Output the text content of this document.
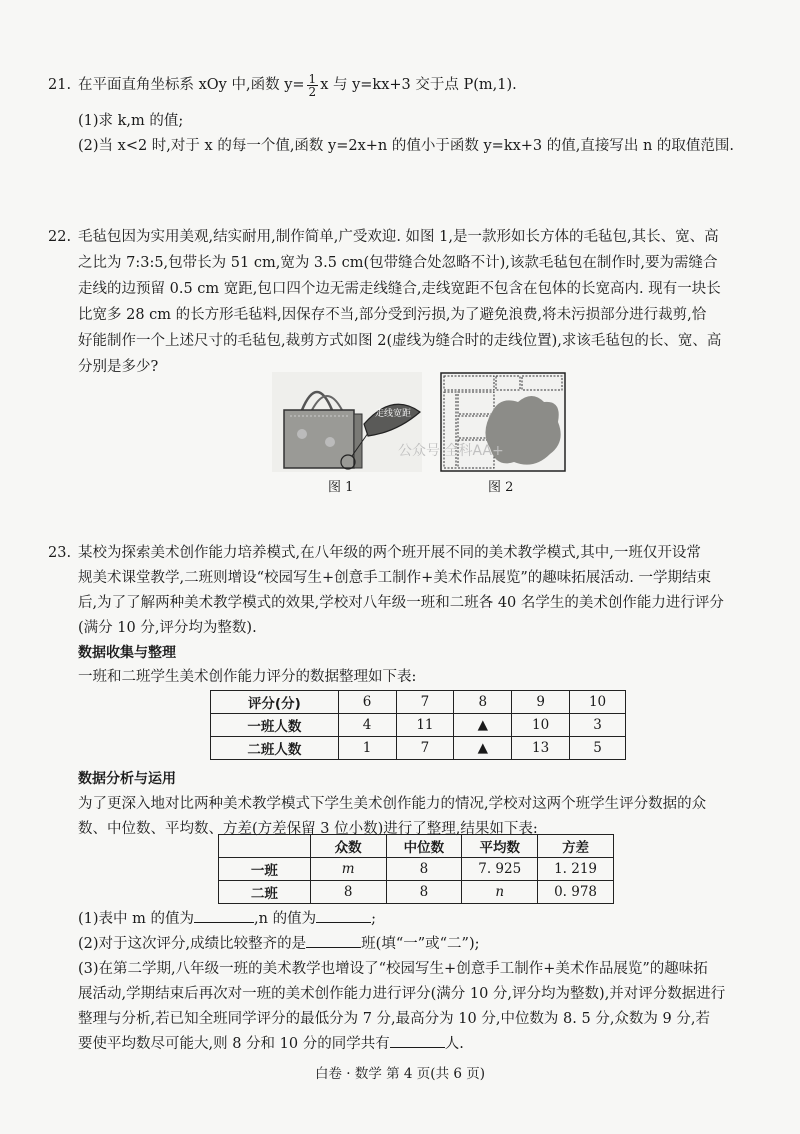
21. 在平面直角坐标系 xOy 中,函数 $y= \frac{1}{2}$ x 与 y=kx+3 交于点 P(m,1).
(1)求 k,m 的值;
(2)当 x<2 时,对于 x 的每一个值,函数 y=2x+n 的值小于函数 y=kx+3 的值,直接写出 n 的取值范围.
22. 毛毡包因为实用美观,结实耐用,制作简单,广受欢迎. 如图 1,是一款形如长方体的毛毡包,其长、宽、高
之比为 7:3:5,包带长为 51 cm,宽为 3.5 cm(包带缝合处忽略不计),该款毛毡包在制作时,要为需缝合
走线的边预留 0.5 cm 宽距,包口四个边无需走线缝合,走线宽距不包含在包体的长宽高内. 现有一块长
比宽多 28 cm 的长方形毛毡料,因保存不当,部分受到污损,为了避免浪费,将未污损部分进行裁剪,恰
好能制作一个上述尺寸的毛毡包,裁剪方式如图 2(虚线为缝合时的走线位置),求该毛毡包的长、宽、高
分别是多少?
走线宽距
图 1	图 2
公众号 全科AA+
23. 某校为探索美术创作能力培养模式,在八年级的两个班开展不同的美术教学模式,其中,一班仅开设常
规美术课堂教学,二班则增设“校园写生+创意手工制作+美术作品展览”的趣味拓展活动. 一学期结束
后,为了了解两种美术教学模式的效果,学校对八年级一班和二班各 40 名学生的美术创作能力进行评分
(满分 10 分,评分均为整数).
数据收集与整理
一班和二班学生美术创作能力评分的数据整理如下表:
评分(分)	6	7	8	9	10
一班人数	4	11	▲	10	3
二班人数	1	7	▲	13	5
数据分析与运用
为了更深入地对比两种美术教学模式下学生美术创作能力的情况,学校对这两个班学生评分数据的众
数、中位数、平均数、方差(方差保留 3 位小数)进行了整理,结果如下表:
	众数	中位数	平均数	方差
一班	m	8	7. 925	1. 219
二班	8	8	n	0. 978
(1)表中 m 的值为	,n 的值为	;
(2)对于这次评分,成绩比较整齐的是	班(填“一”或“二”);
(3)在第二学期,八年级一班的美术教学也增设了“校园写生+创意手工制作+美术作品展览”的趣味拓
展活动,学期结束后再次对一班的美术创作能力进行评分(满分 10 分,评分均为整数),并对评分数据进行
整理与分析,若已知全班同学评分的最低分为 7 分,最高分为 10 分,中位数为 8. 5 分,众数为 9 分,若
要使平均数尽可能大,则 8 分和 10 分的同学共有	人.
白卷 · 数学 第 4 页(共 6 页)
